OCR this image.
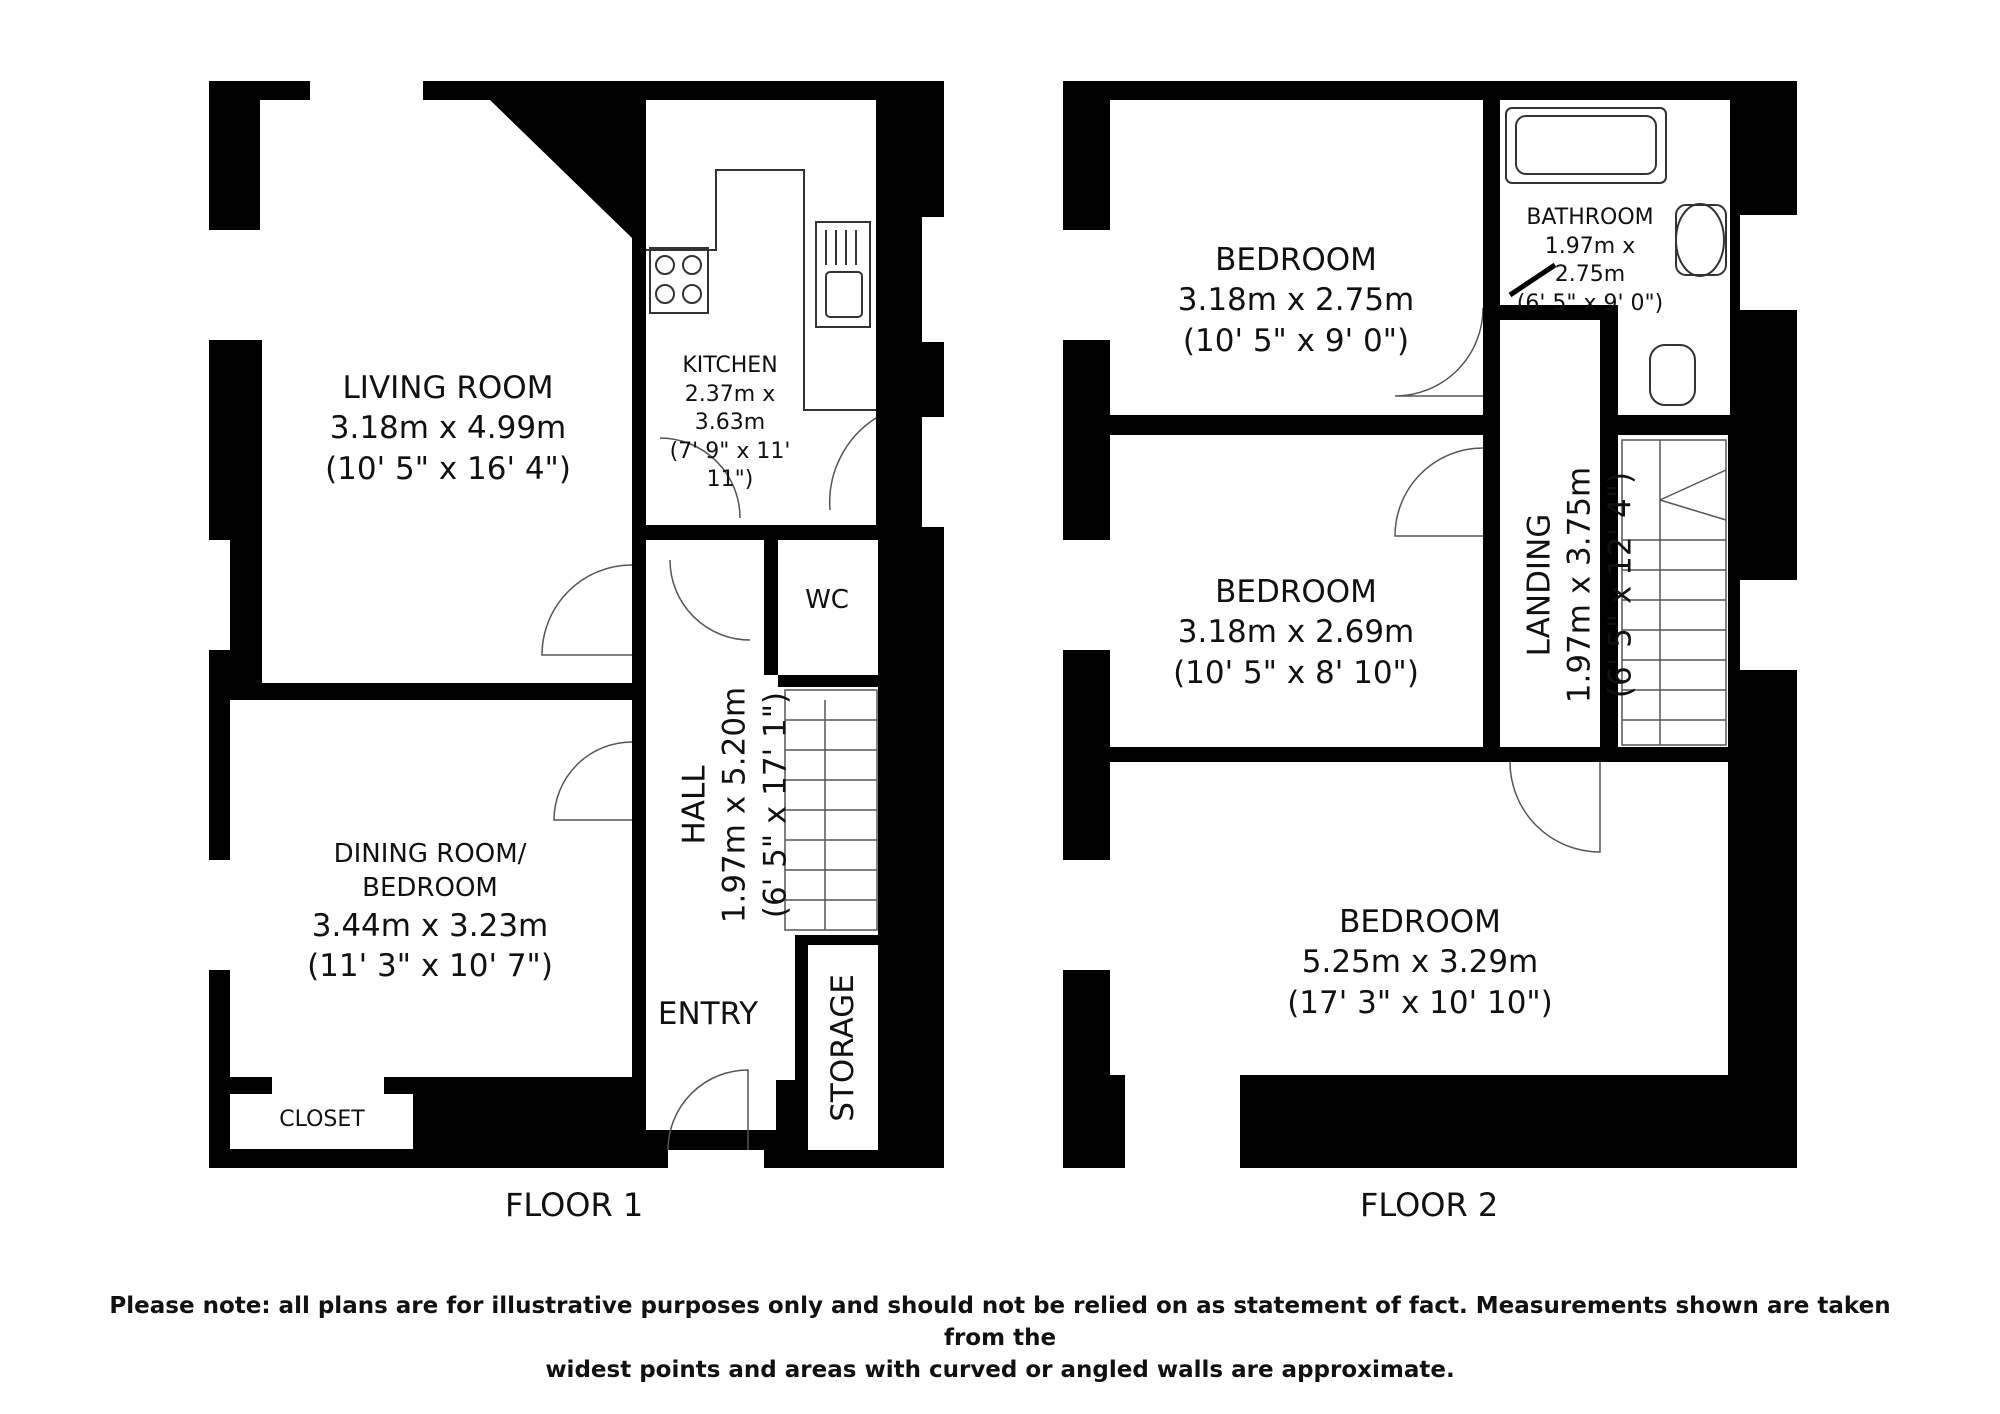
LIVING ROOM
3.18m x 4.99m
(10' 5" x 16' 4")
KITCHEN
2.37m x
3.63m
(7' 9" x 11'
11")
WC
HALL 1.97m x 5.20m (6' 5" x 17' 1")
DINING ROOM/
BEDROOM
3.44m x 3.23m
(11' 3" x 10' 7")
ENTRY	STORAGE
CLOSET
FLOOR 1
BEDROOM
3.18m x 2.75m
(10' 5" x 9' 0")
BATHROOM
1.97m x
2.75m
(6' 5" x 9' 0")
BEDROOM
3.18m x 2.69m
(10' 5" x 8' 10")
LANDING 1.97m x 3.75m (6' 5" x 12' 4")
BEDROOM
5.25m x 3.29m
(17' 3" x 10' 10")
FLOOR 2
Please note: all plans are for illustrative purposes only and should not be relied on as statement of fact. Measurements shown are taken from the
widest points and areas with curved or angled walls are approximate.
